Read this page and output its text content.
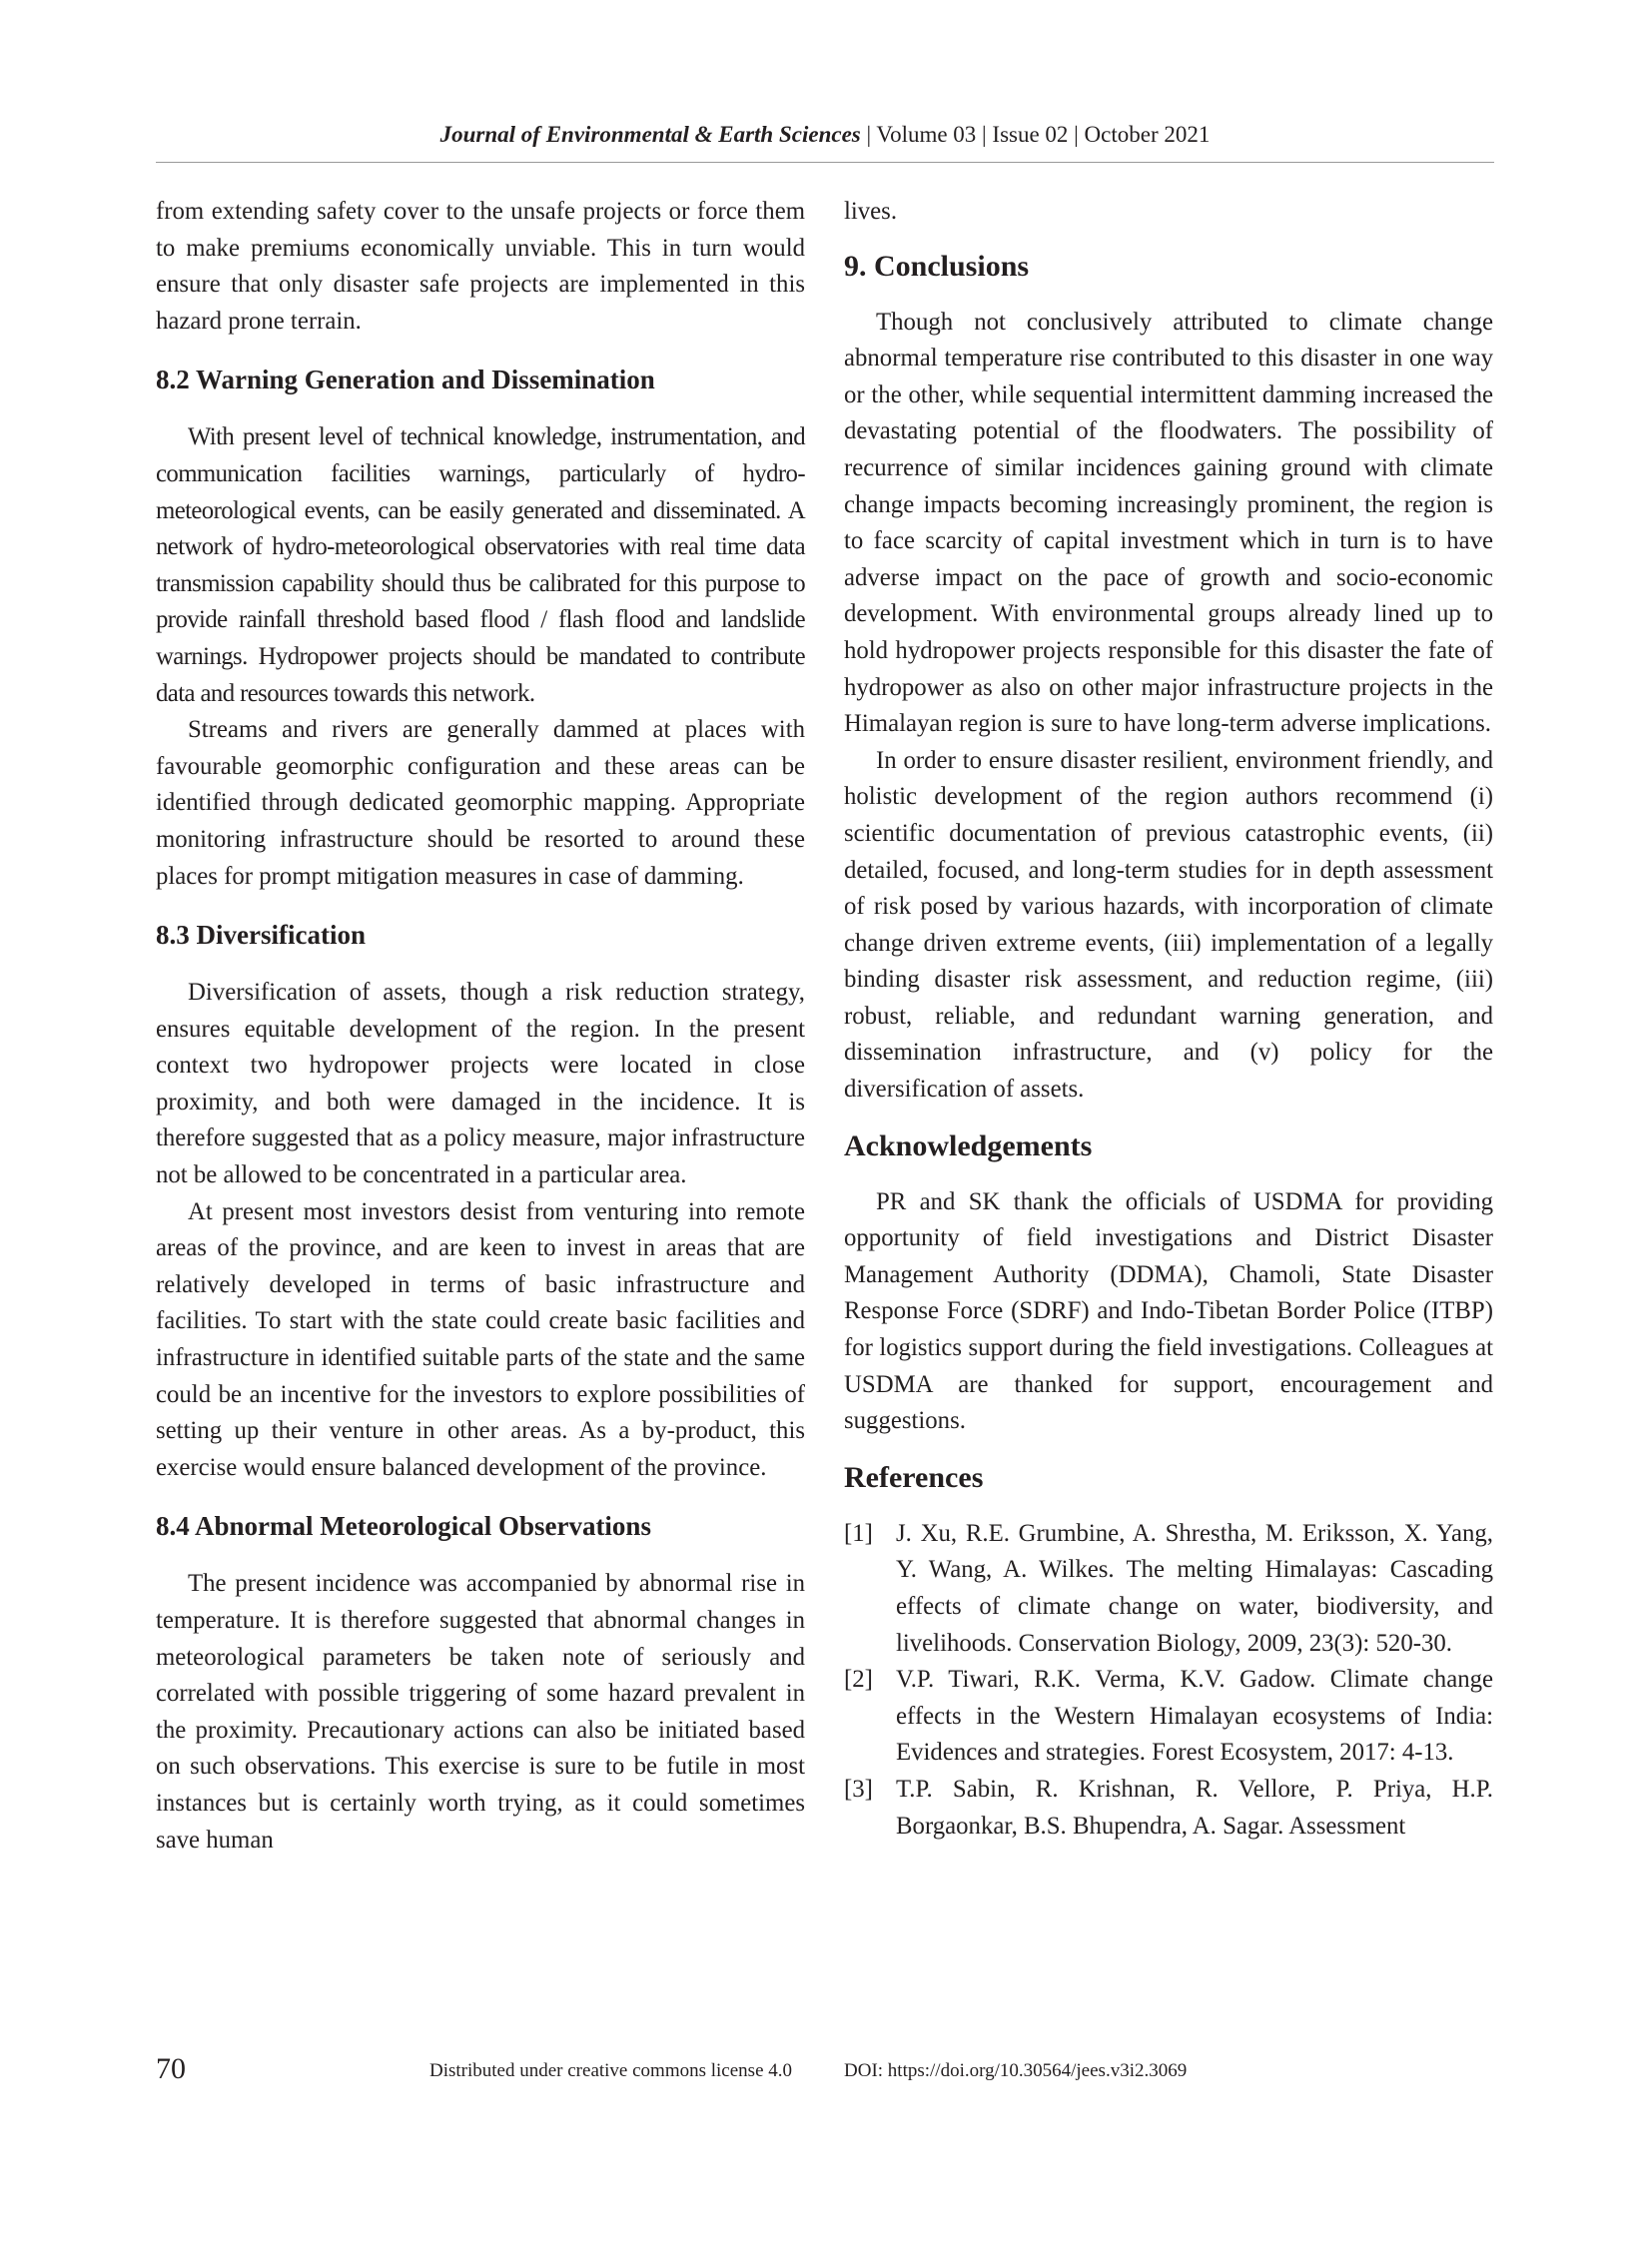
Journal of Environmental & Earth Sciences | Volume 03 | Issue 02 | October 2021

from extending safety cover to the unsafe projects or force them to make premiums economically unviable. This in turn would ensure that only disaster safe projects are implemented in this hazard prone terrain.

8.2 Warning Generation and Dissemination

With present level of technical knowledge, instrumentation, and communication facilities warnings, particularly of hydro-meteorological events, can be easily generated and disseminated. A network of hydro-meteorological observatories with real time data transmission capability should thus be calibrated for this purpose to provide rainfall threshold based flood / flash flood and landslide warnings. Hydropower projects should be mandated to contribute data and resources towards this network.

Streams and rivers are generally dammed at places with favourable geomorphic configuration and these areas can be identified through dedicated geomorphic mapping. Appropriate monitoring infrastructure should be resorted to around these places for prompt mitigation measures in case of damming.

8.3 Diversification

Diversification of assets, though a risk reduction strategy, ensures equitable development of the region. In the present context two hydropower projects were located in close proximity, and both were damaged in the incidence. It is therefore suggested that as a policy measure, major infrastructure not be allowed to be concentrated in a particular area.

At present most investors desist from venturing into remote areas of the province, and are keen to invest in areas that are relatively developed in terms of basic infrastructure and facilities. To start with the state could create basic facilities and infrastructure in identified suitable parts of the state and the same could be an incentive for the investors to explore possibilities of setting up their venture in other areas. As a by-product, this exercise would ensure balanced development of the province.

8.4 Abnormal Meteorological Observations

The present incidence was accompanied by abnormal rise in temperature. It is therefore suggested that abnormal changes in meteorological parameters be taken note of seriously and correlated with possible triggering of some hazard prevalent in the proximity. Precautionary actions can also be initiated based on such observations. This exercise is sure to be futile in most instances but is certainly worth trying, as it could sometimes save human

lives.

9. Conclusions

Though not conclusively attributed to climate change abnormal temperature rise contributed to this disaster in one way or the other, while sequential intermittent damming increased the devastating potential of the floodwaters. The possibility of recurrence of similar incidences gaining ground with climate change impacts becoming increasingly prominent, the region is to face scarcity of capital investment which in turn is to have adverse impact on the pace of growth and socio-economic development. With environmental groups already lined up to hold hydropower projects responsible for this disaster the fate of hydropower as also on other major infrastructure projects in the Himalayan region is sure to have long-term adverse implications.

In order to ensure disaster resilient, environment friendly, and holistic development of the region authors recommend (i) scientific documentation of previous catastrophic events, (ii) detailed, focused, and long-term studies for in depth assessment of risk posed by various hazards, with incorporation of climate change driven extreme events, (iii) implementation of a legally binding disaster risk assessment, and reduction regime, (iii) robust, reliable, and redundant warning generation, and dissemination infrastructure, and (v) policy for the diversification of assets.

Acknowledgements

PR and SK thank the officials of USDMA for providing opportunity of field investigations and District Disaster Management Authority (DDMA), Chamoli, State Disaster Response Force (SDRF) and Indo-Tibetan Border Police (ITBP) for logistics support during the field investigations. Colleagues at USDMA are thanked for support, encouragement and suggestions.

References
[1] J. Xu, R.E. Grumbine, A. Shrestha, M. Eriksson, X. Yang, Y. Wang, A. Wilkes. The melting Himalayas: Cascading effects of climate change on water, biodiversity, and livelihoods. Conservation Biology, 2009, 23(3): 520-30.
[2] V.P. Tiwari, R.K. Verma, K.V. Gadow. Climate change effects in the Western Himalayan ecosystems of India: Evidences and strategies. Forest Ecosystem, 2017: 4-13.
[3] T.P. Sabin, R. Krishnan, R. Vellore, P. Priya, H.P. Borgaonkar, B.S. Bhupendra, A. Sagar. Assessment
70	Distributed under creative commons license 4.0	DOI: https://doi.org/10.30564/jees.v3i2.3069
